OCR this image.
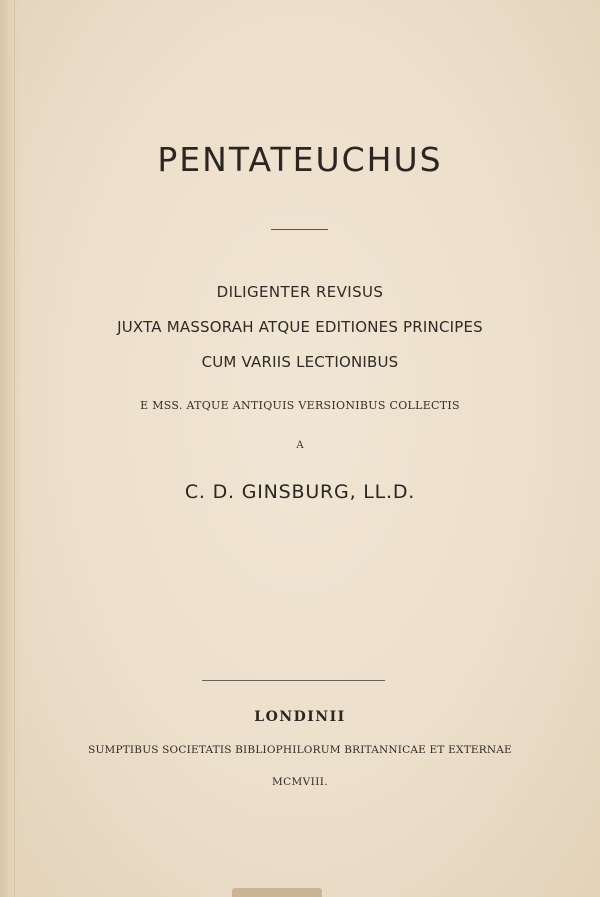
PENTATEUCHUS
DILIGENTER REVISUS
JUXTA MASSORAH ATQUE EDITIONES PRINCIPES
CUM VARIIS LECTIONIBUS
E MSS. ATQUE ANTIQUIS VERSIONIBUS COLLECTIS
A
C. D. GINSBURG, LL.D.
LONDINII
SUMPTIBUS SOCIETATIS BIBLIOPHILORUM BRITANNICAE ET EXTERNAE
MCMVIII.
